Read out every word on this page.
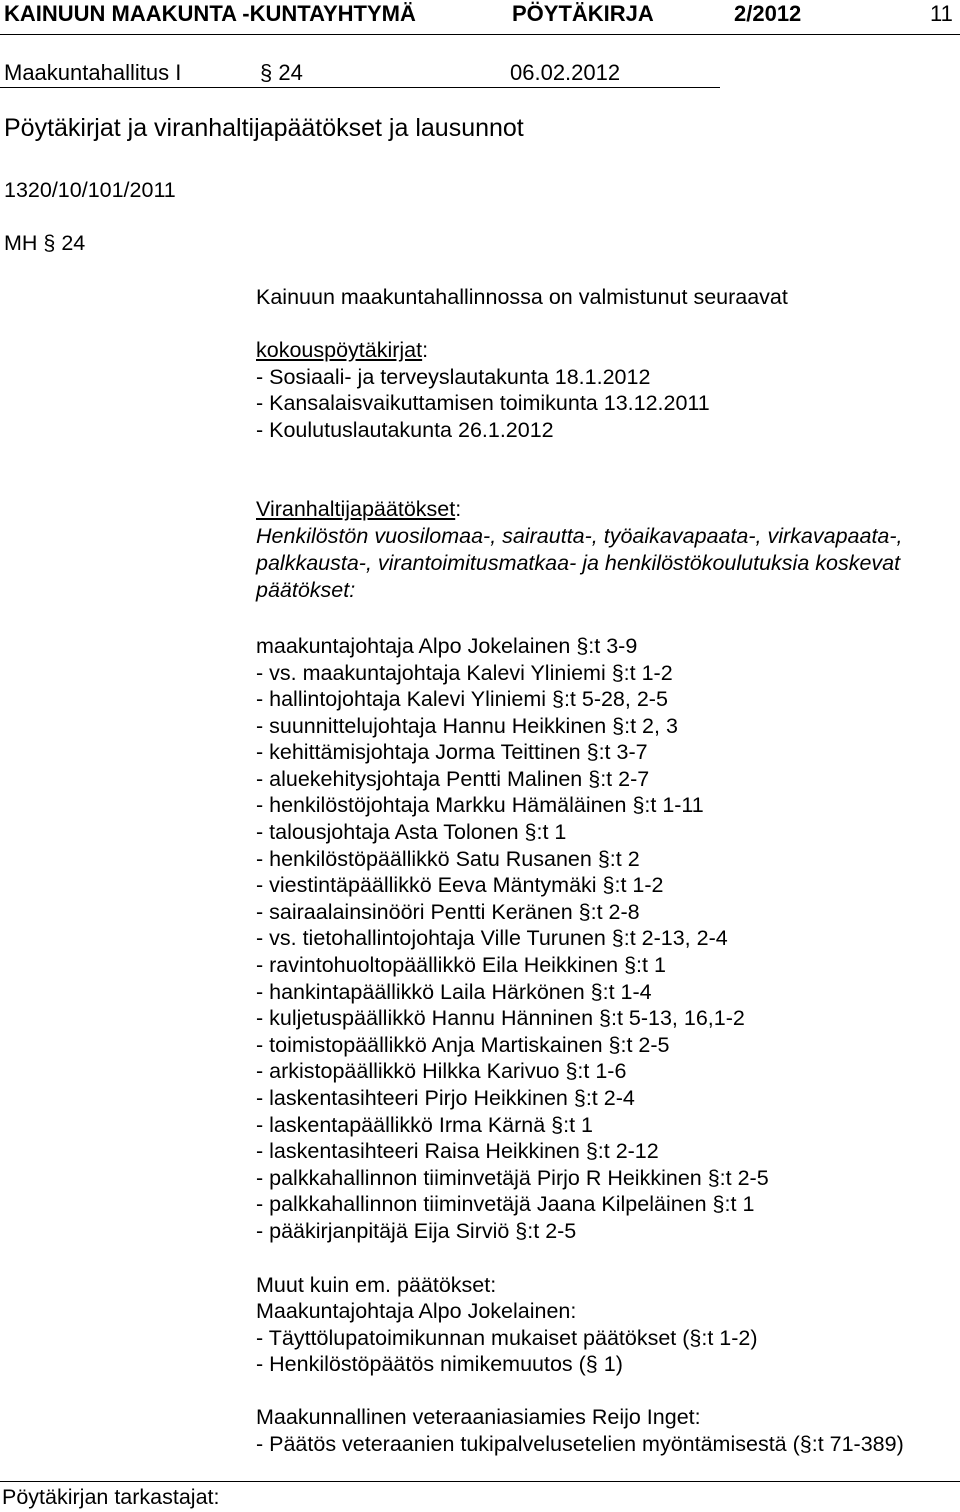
KAINUUN MAAKUNTA -KUNTAYHTYMÄ	PÖYTÄKIRJA	2/2012	11
Maakuntahallitus I	§ 24	06.02.2012
Pöytäkirjat ja viranhaltijapäätökset ja lausunnot
1320/10/101/2011
MH § 24
Kainuun maakuntahallinnossa on valmistunut seuraavat
kokouspöytäkirjat:
- Sosiaali- ja terveyslautakunta 18.1.2012
- Kansalaisvaikuttamisen toimikunta 13.12.2011
- Koulutuslautakunta 26.1.2012
Viranhaltijapäätökset:
Henkilöstön vuosilomaa-, sairautta-, työaikavapaata-, virkavapaata-,
palkkausta-, virantoimitusmatkaa- ja henkilöstökoulutuksia koskevat
päätökset:
maakuntajohtaja Alpo Jokelainen §:t 3-9
- vs. maakuntajohtaja Kalevi Yliniemi §:t 1-2
- hallintojohtaja Kalevi Yliniemi §:t 5-28, 2-5
- suunnittelujohtaja Hannu Heikkinen §:t 2, 3
- kehittämisjohtaja Jorma Teittinen §:t 3-7
- aluekehitysjohtaja Pentti Malinen §:t 2-7
- henkilöstöjohtaja Markku Hämäläinen §:t 1-11
- talousjohtaja Asta Tolonen §:t 1
- henkilöstöpäällikkö Satu Rusanen §:t 2
- viestintäpäällikkö Eeva Mäntymäki §:t 1-2
- sairaalainsinööri Pentti Keränen §:t 2-8
- vs. tietohallintojohtaja Ville Turunen §:t 2-13, 2-4
- ravintohuoltopäällikkö Eila Heikkinen §:t 1
- hankintapäällikkö Laila Härkönen §:t 1-4
- kuljetuspäällikkö Hannu Hänninen §:t 5-13, 16,1-2
- toimistopäällikkö Anja Martiskainen §:t 2-5
- arkistopäällikkö Hilkka Karivuo §:t 1-6
- laskentasihteeri Pirjo Heikkinen §:t 2-4
- laskentapäällikkö Irma Kärnä §:t 1
- laskentasihteeri Raisa Heikkinen §:t 2-12
- palkkahallinnon tiiminvetäjä Pirjo R Heikkinen §:t 2-5
- palkkahallinnon tiiminvetäjä Jaana Kilpeläinen §:t 1
- pääkirjanpitäjä Eija Sirviö §:t 2-5
Muut kuin em. päätökset:
Maakuntajohtaja Alpo Jokelainen:
- Täyttölupatoimikunnan mukaiset päätökset (§:t 1-2)
- Henkilöstöpäätös nimikemuutos (§ 1)
Maakunnallinen veteraaniasiamies Reijo Inget:
- Päätös veteraanien tukipalvelusetelien myöntämisestä (§:t 71-389)
Pöytäkirjan tarkastajat:
